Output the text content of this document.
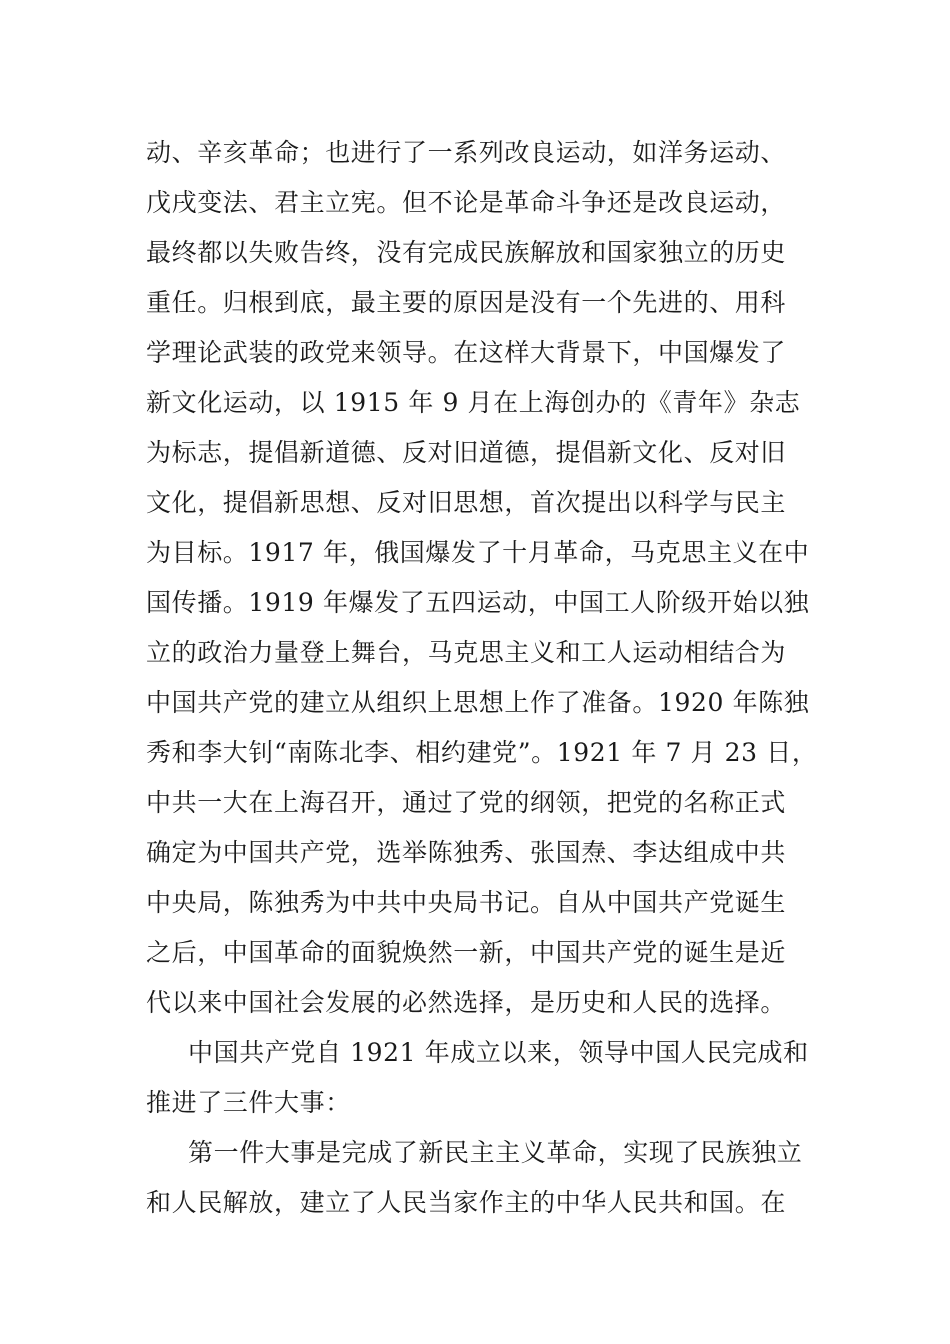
动、辛亥革命；也进行了一系列改良运动，如洋务运动、
戊戌变法、君主立宪。但不论是革命斗争还是改良运动，
最终都以失败告终，没有完成民族解放和国家独立的历史
重任。归根到底，最主要的原因是没有一个先进的、用科
学理论武装的政党来领导。在这样大背景下，中国爆发了
新文化运动，以 1915 年 9 月在上海创办的《青年》杂志
为标志，提倡新道德、反对旧道德，提倡新文化、反对旧
文化，提倡新思想、反对旧思想，首次提出以科学与民主
为目标。1917 年，俄国爆发了十月革命，马克思主义在中
国传播。1919 年爆发了五四运动，中国工人阶级开始以独
立的政治力量登上舞台，马克思主义和工人运动相结合为
中国共产党的建立从组织上思想上作了准备。1920 年陈独
秀和李大钊“南陈北李、相约建党”。1921 年 7 月 23 日，
中共一大在上海召开，通过了党的纲领，把党的名称正式
确定为中国共产党，选举陈独秀、张国焘、李达组成中共
中央局，陈独秀为中共中央局书记。自从中国共产党诞生
之后，中国革命的面貌焕然一新，中国共产党的诞生是近
代以来中国社会发展的必然选择，是历史和人民的选择。
中国共产党自 1921 年成立以来，领导中国人民完成和
推进了三件大事：
第一件大事是完成了新民主主义革命，实现了民族独立
和人民解放，建立了人民当家作主的中华人民共和国。在
